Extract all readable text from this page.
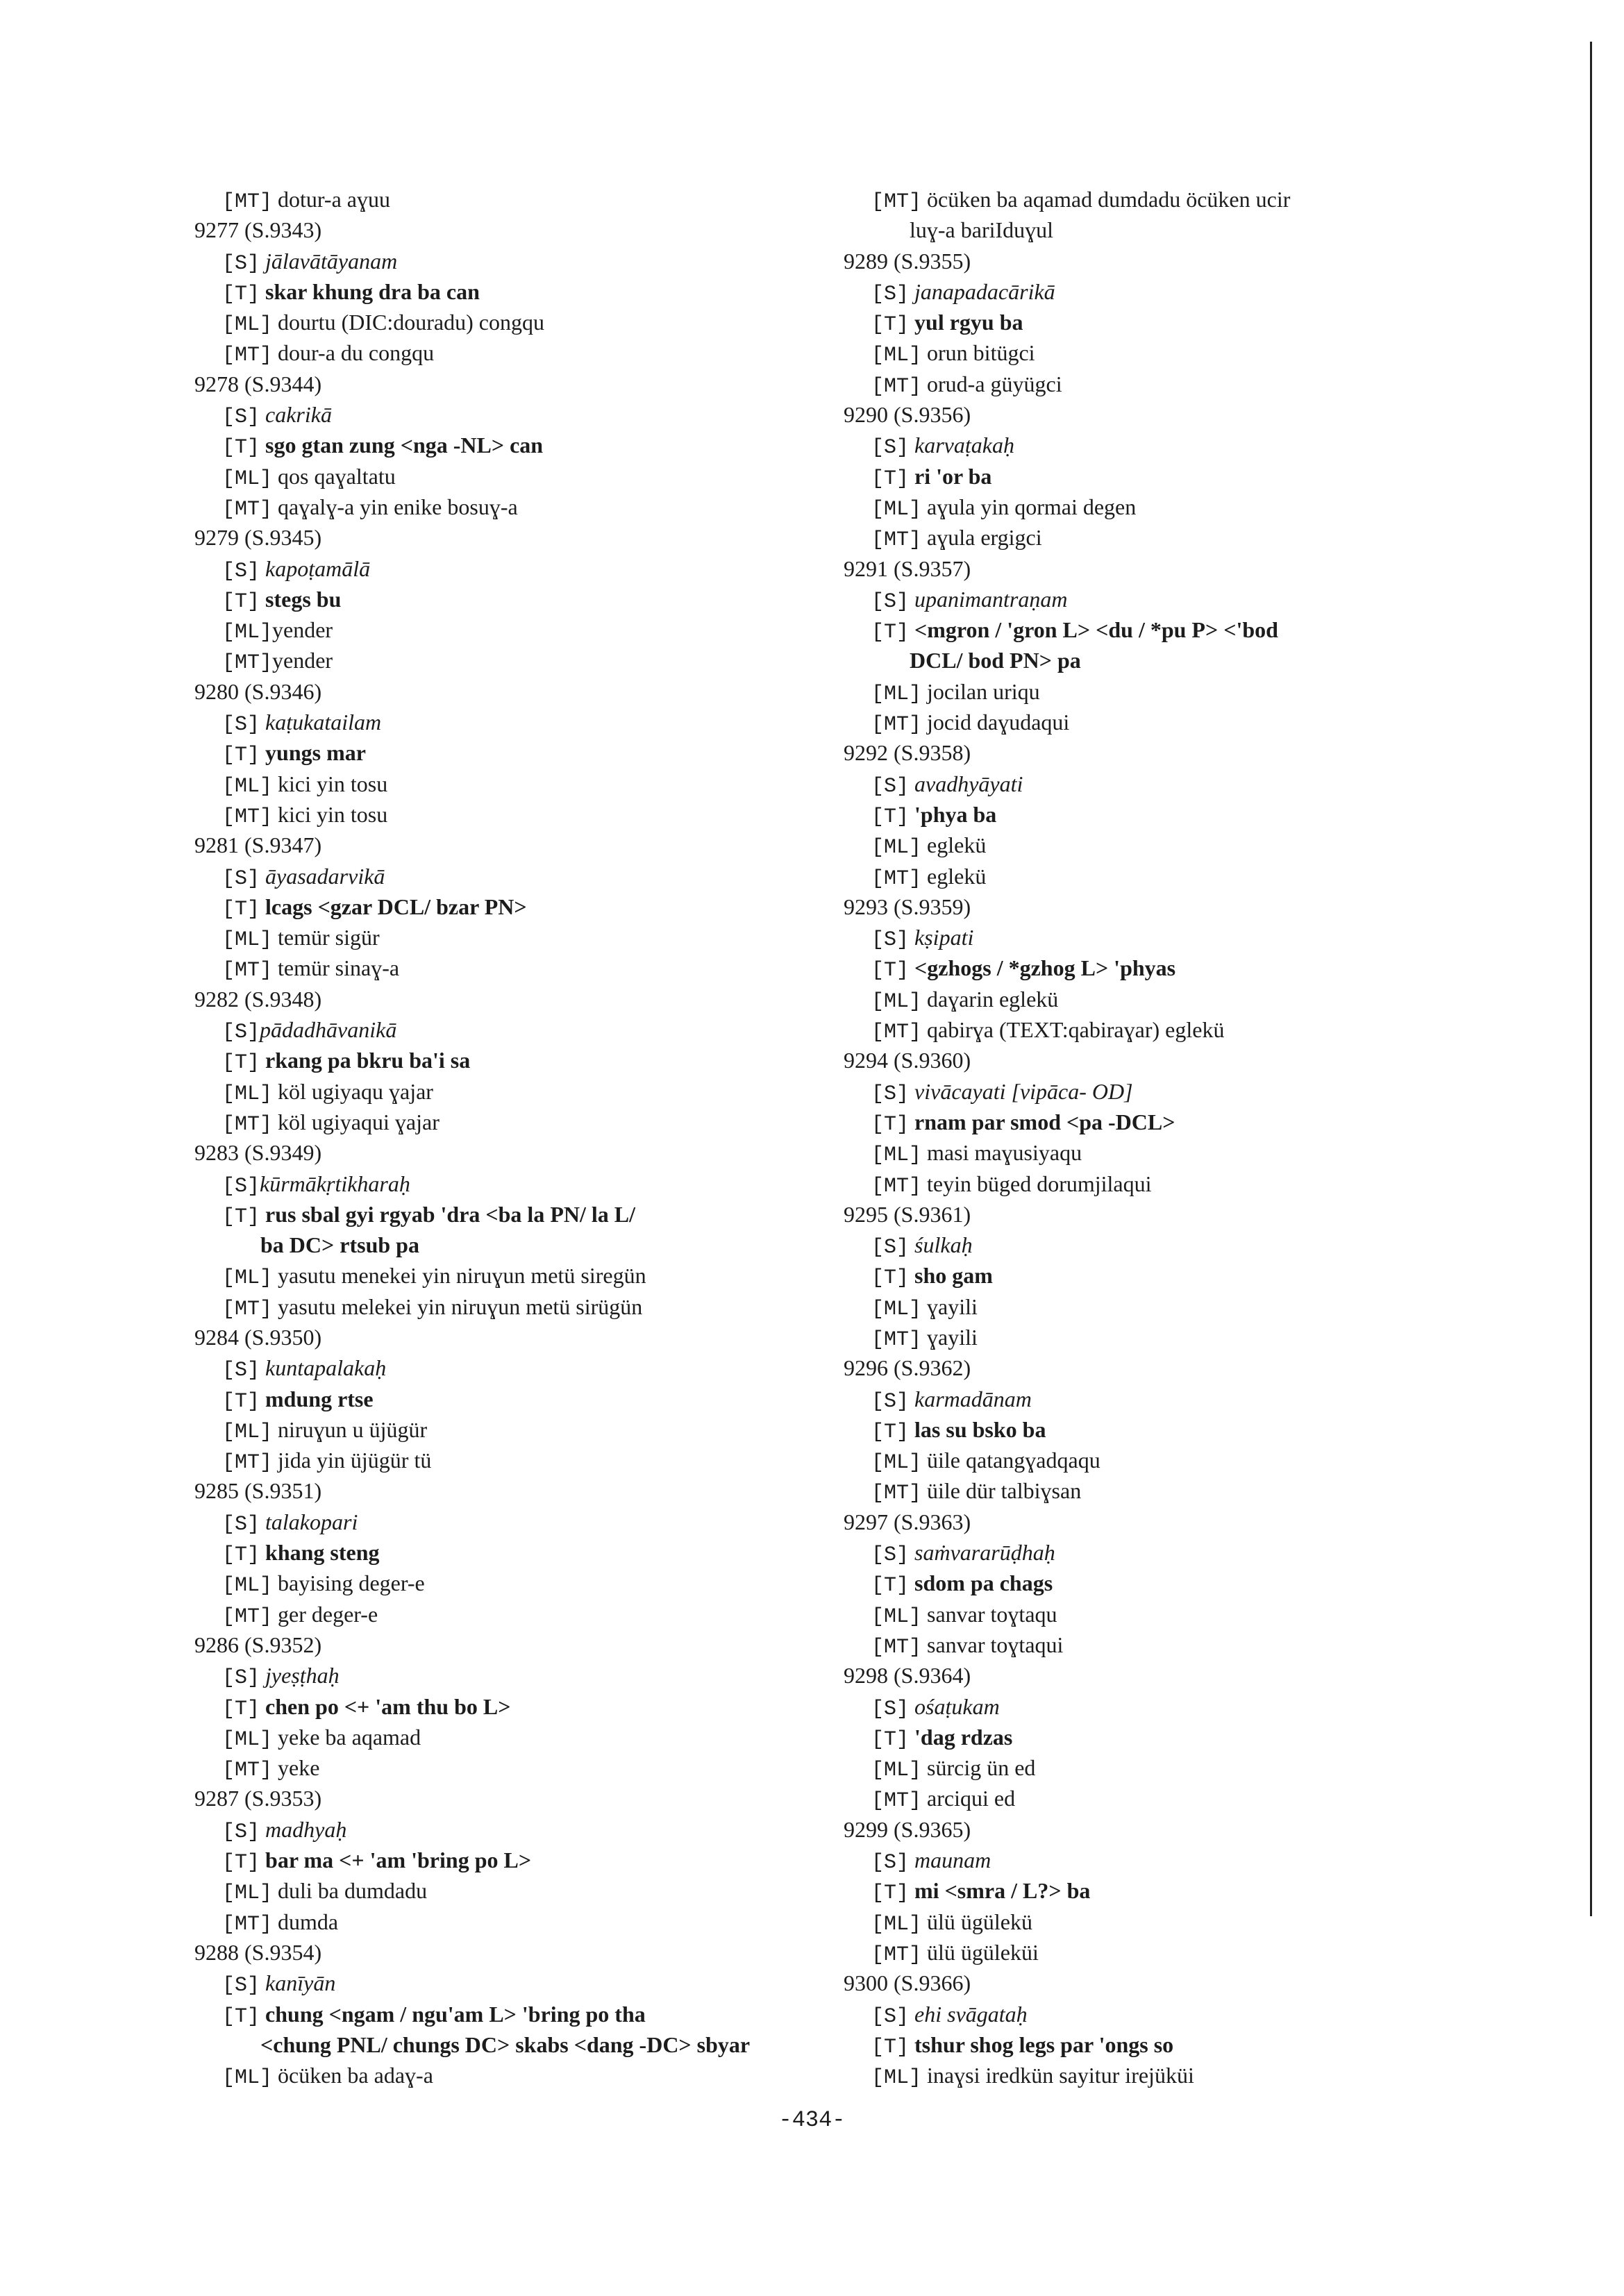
[MT] dotur-a aɣuu
9277 (S.9343)
[S] jālavātāyanam
[T] skar khung dra ba can
[ML] dourtu (DIC:douradu) congqu
[MT] dour-a du congqu
9278 (S.9344)
[S] cakrikā
[T] sgo gtan zung <nga -NL> can
[ML] qos qaɣaltatu
[MT] qaɣalɣ-a yin enike bosuɣ-a
9279 (S.9345)
[S] kapoṭamālā
[T] stegs bu
[ML]yender
[MT]yender
9280 (S.9346)
[S] kaṭukatailam
[T] yungs mar
[ML] kici yin tosu
[MT] kici yin tosu
9281 (S.9347)
[S] āyasadarvikā
[T] lcags <gzar DCL/ bzar PN>
[ML] temür sigür
[MT] temür sinaɣ-a
9282 (S.9348)
[S]pādadhāvanikā
[T] rkang pa bkru ba'i sa
[ML] köl ugiyaqu ɣajar
[MT] köl ugiyaqui ɣajar
9283 (S.9349)
[S]kūrmākṛtikharaḥ
[T] rus sbal gyi rgyab 'dra <ba la PN/ la L/
ba DC> rtsub pa
[ML] yasutu menekei yin niruɣun metü siregün
[MT] yasutu melekei yin niruɣun metü sirügün
9284 (S.9350)
[S] kuntapalakaḥ
[T] mdung rtse
[ML] niruɣun u üjügür
[MT] jida yin üjügür tü
9285 (S.9351)
[S] talakopari
[T] khang steng
[ML] bayising deger-e
[MT] ger deger-e
9286 (S.9352)
[S] jyeṣṭhaḥ
[T] chen po <+ 'am thu bo L>
[ML] yeke ba aqamad
[MT] yeke
9287 (S.9353)
[S] madhyaḥ
[T] bar ma <+ 'am 'bring po L>
[ML] duli ba dumdadu
[MT] dumda
9288 (S.9354)
[S] kanīyān
[T] chung <ngam / ngu'am L> 'bring po tha
<chung PNL/ chungs DC> skabs <dang -DC> sbyar
[ML] öcüken ba adaɣ-a
[MT] öcüken ba aqamad dumdadu öcüken ucir
luɣ-a bariIduɣul
9289 (S.9355)
[S] janapadacārikā
[T] yul rgyu ba
[ML] orun bitügci
[MT] orud-a güyügci
9290 (S.9356)
[S] karvaṭakaḥ
[T] ri 'or ba
[ML] aɣula yin qormai degen
[MT] aɣula ergigci
9291 (S.9357)
[S] upanimantraṇam
[T] <mgron / 'gron L> <du / *pu P> <'bod
DCL/ bod PN> pa
[ML] jocilan uriqu
[MT] jocid daɣudaqui
9292 (S.9358)
[S] avadhyāyati
[T] 'phya ba
[ML] eglekü
[MT] eglekü
9293 (S.9359)
[S] kṣipati
[T] <gzhogs / *gzhog L> 'phyas
[ML] daɣarin eglekü
[MT] qabirɣa (TEXT:qabiraɣar) eglekü
9294 (S.9360)
[S] vivācayati [vipāca- OD]
[T] rnam par smod <pa -DCL>
[ML] masi maɣusiyaqu
[MT] teyin büged dorumjilaqui
9295 (S.9361)
[S] śulkaḥ
[T] sho gam
[ML] ɣayili
[MT] ɣayili
9296 (S.9362)
[S] karmadānam
[T] las su bsko ba
[ML] üile qatangɣadqaqu
[MT] üile dür talbiɣsan
9297 (S.9363)
[S] saṁvararūḍhaḥ
[T] sdom pa chags
[ML] sanvar toɣtaqu
[MT] sanvar toɣtaqui
9298 (S.9364)
[S] ośaṭukam
[T] 'dag rdzas
[ML] sürcig ün ed
[MT] arciqui ed
9299 (S.9365)
[S] maunam
[T] mi <smra / L?> ba
[ML] ülü ügülekü
[MT] ülü ügüleküi
9300 (S.9366)
[S] ehi svāgataḥ
[T] tshur shog legs par 'ongs so
[ML] inaɣsi iredkün sayitur irejüküi
-434-
